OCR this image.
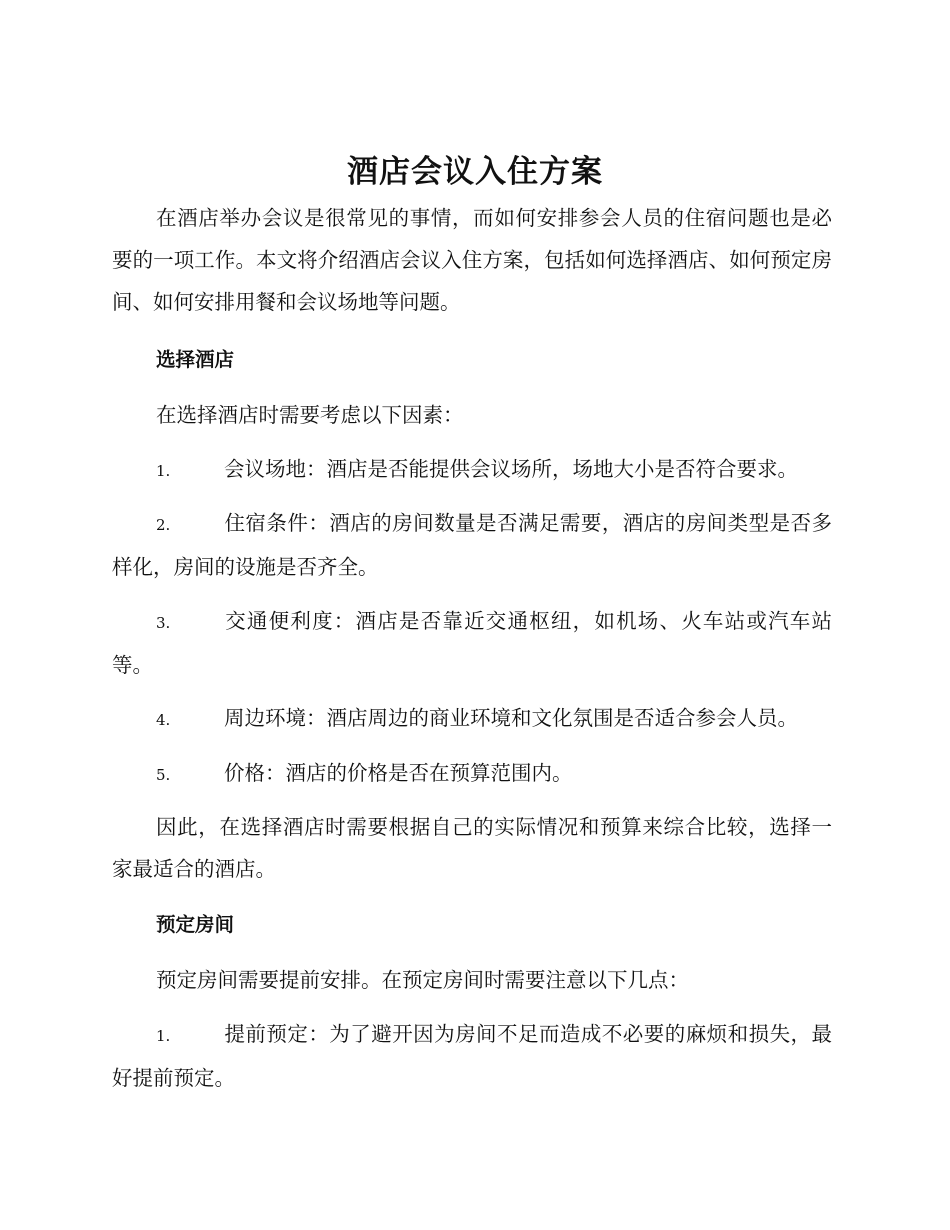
酒店会议入住方案

在酒店举办会议是很常见的事情，而如何安排参会人员的住宿问题也是必要的一项工作。本文将介绍酒店会议入住方案，包括如何选择酒店、如何预定房间、如何安排用餐和会议场地等问题。

选择酒店

在选择酒店时需要考虑以下因素：

1.	会议场地：酒店是否能提供会议场所，场地大小是否符合要求。

2.	住宿条件：酒店的房间数量是否满足需要，酒店的房间类型是否多样化，房间的设施是否齐全。

3.	交通便利度：酒店是否靠近交通枢纽，如机场、火车站或汽车站等。

4.	周边环境：酒店周边的商业环境和文化氛围是否适合参会人员。

5.	价格：酒店的价格是否在预算范围内。

因此，在选择酒店时需要根据自己的实际情况和预算来综合比较，选择一家最适合的酒店。

预定房间

预定房间需要提前安排。在预定房间时需要注意以下几点：

1.	提前预定：为了避开因为房间不足而造成不必要的麻烦和损失，最好提前预定。
